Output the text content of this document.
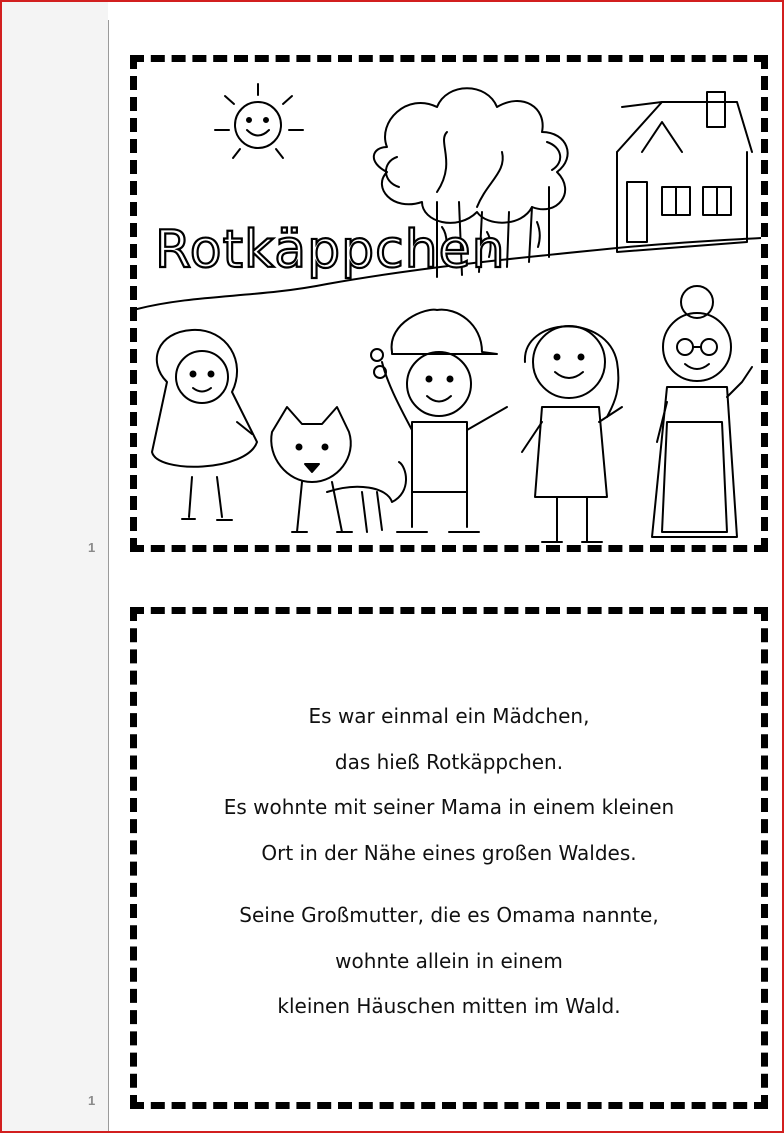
1
1
Rotkäppchen

Es war einmal ein Mädchen,

das hieß Rotkäppchen.

Es wohnte mit seiner Mama in einem kleinen

Ort in der Nähe eines großen Waldes.

Seine Großmutter, die es Omama nannte,

wohnte allein in einem

kleinen Häuschen mitten im Wald.
